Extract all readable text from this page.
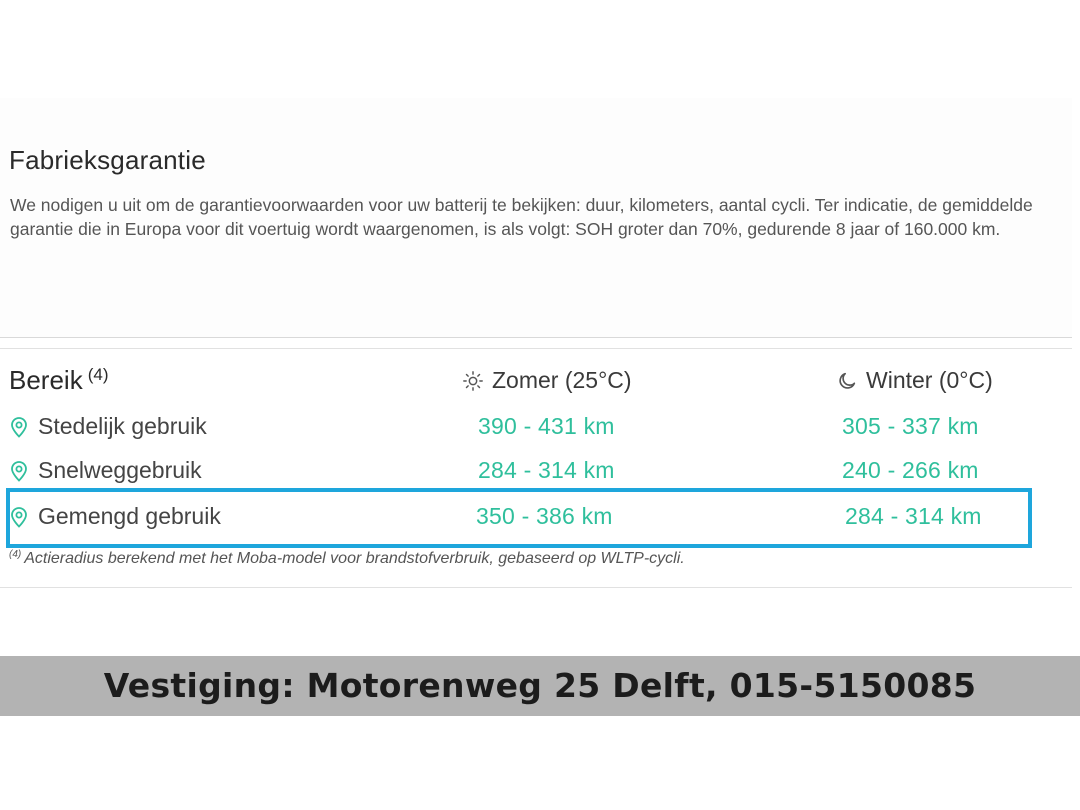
Fabrieksgarantie
We nodigen u uit om de garantievoorwaarden voor uw batterij te bekijken: duur, kilometers, aantal cycli. Ter indicatie, de gemiddelde garantie die in Europa voor dit voertuig wordt waargenomen, is als volgt: SOH groter dan 70%, gedurende 8 jaar of 160.000 km.
Bereik $^{(4)}$	Zomer (25°C)	Winter (0°C)
Stedelijk gebruik	390 - 431 km	305 - 337 km
Snelweggebruik	284 - 314 km	240 - 266 km
Gemengd gebruik	350 - 386 km	284 - 314 km
$^{(4)}$ Actieradius berekend met het Moba-model voor brandstofverbruik, gebaseerd op WLTP-cycli.
Vestiging: Motorenweg 25 Delft, 015-5150085
